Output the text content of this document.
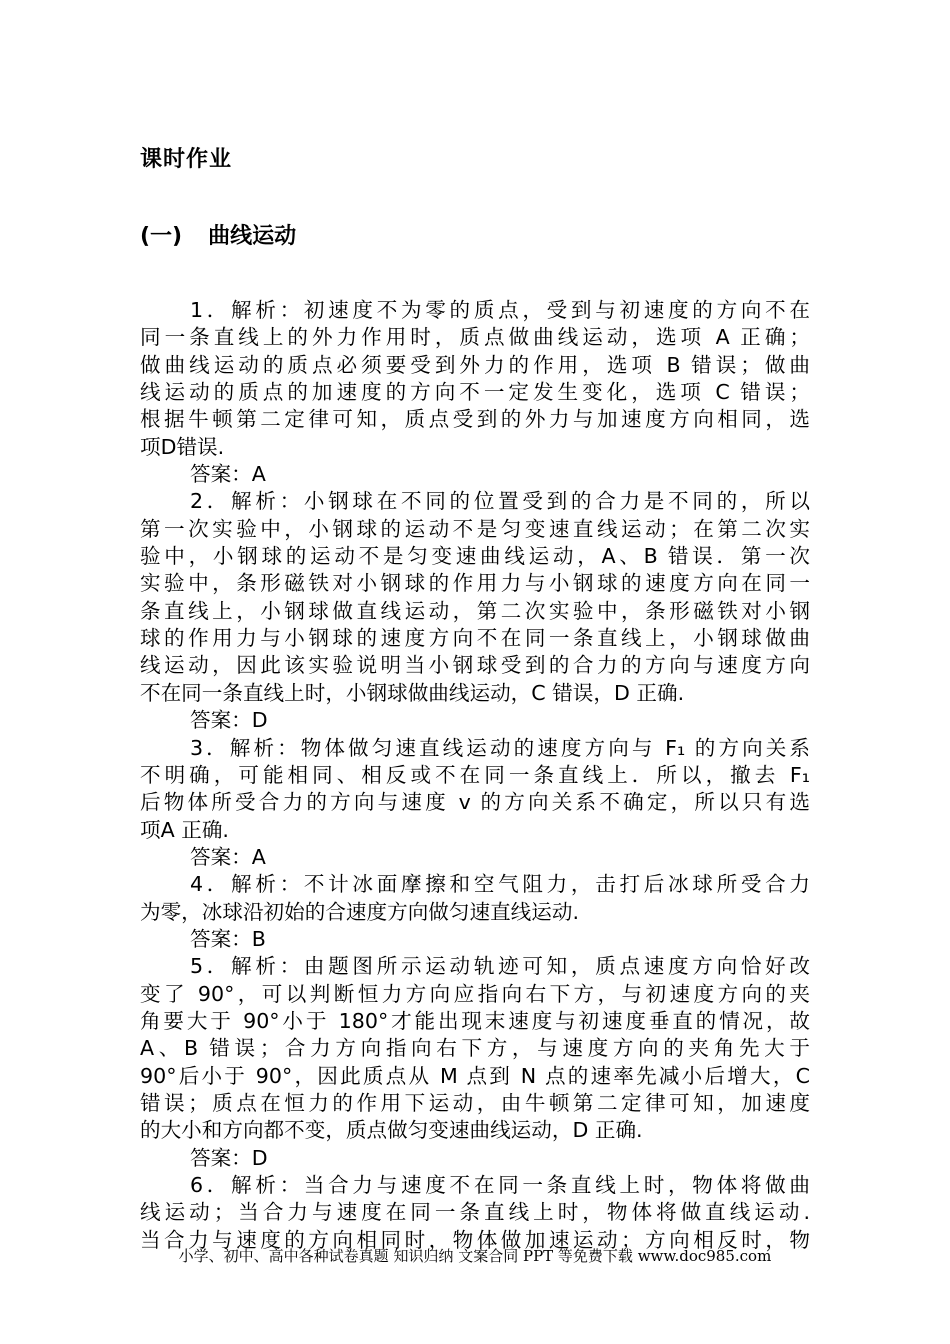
课时作业
(一) 曲线运动
1．解析：初速度不为零的质点，受到与初速度的方向不在
同一条直线上的外力作用时，质点做曲线运动，选项 A 正确；
做曲线运动的质点必须要受到外力的作用，选项 B 错误；做曲
线运动的质点的加速度的方向不一定发生变化，选项 C 错误；
根据牛顿第二定律可知，质点受到的外力与加速度方向相同，选
项D错误.
答案：A
2．解析：小钢球在不同的位置受到的合力是不同的，所以
第一次实验中，小钢球的运动不是匀变速直线运动；在第二次实
验中，小钢球的运动不是匀变速曲线运动，A、B 错误．第一次
实验中，条形磁铁对小钢球的作用力与小钢球的速度方向在同一
条直线上，小钢球做直线运动，第二次实验中，条形磁铁对小钢
球的作用力与小钢球的速度方向不在同一条直线上，小钢球做曲
线运动，因此该实验说明当小钢球受到的合力的方向与速度方向
不在同一条直线上时，小钢球做曲线运动，C 错误，D 正确.
答案：D
3．解析：物体做匀速直线运动的速度方向与 F₁ 的方向关系
不明确，可能相同、相反或不在同一条直线上．所以，撤去 F₁
后物体所受合力的方向与速度 v 的方向关系不确定，所以只有选
项A 正确.
答案：A
4．解析：不计冰面摩擦和空气阻力，击打后冰球所受合力
为零，冰球沿初始的合速度方向做匀速直线运动.
答案：B
5．解析：由题图所示运动轨迹可知，质点速度方向恰好改
变了 90°，可以判断恒力方向应指向右下方，与初速度方向的夹
角要大于 90°小于 180°才能出现末速度与初速度垂直的情况，故
A、B 错误；合力方向指向右下方，与速度方向的夹角先大于
90°后小于 90°，因此质点从 M 点到 N 点的速率先减小后增大，C
错误；质点在恒力的作用下运动，由牛顿第二定律可知，加速度
的大小和方向都不变，质点做匀变速曲线运动，D 正确.
答案：D
6．解析：当合力与速度不在同一条直线上时，物体将做曲
线运动；当合力与速度在同一条直线上时，物体将做直线运动.
当合力与速度的方向相同时，物体做加速运动；方向相反时，物
小学、初中、高中各种试卷真题 知识归纳 文案合同 PPT 等免费下载 www.doc985.com
